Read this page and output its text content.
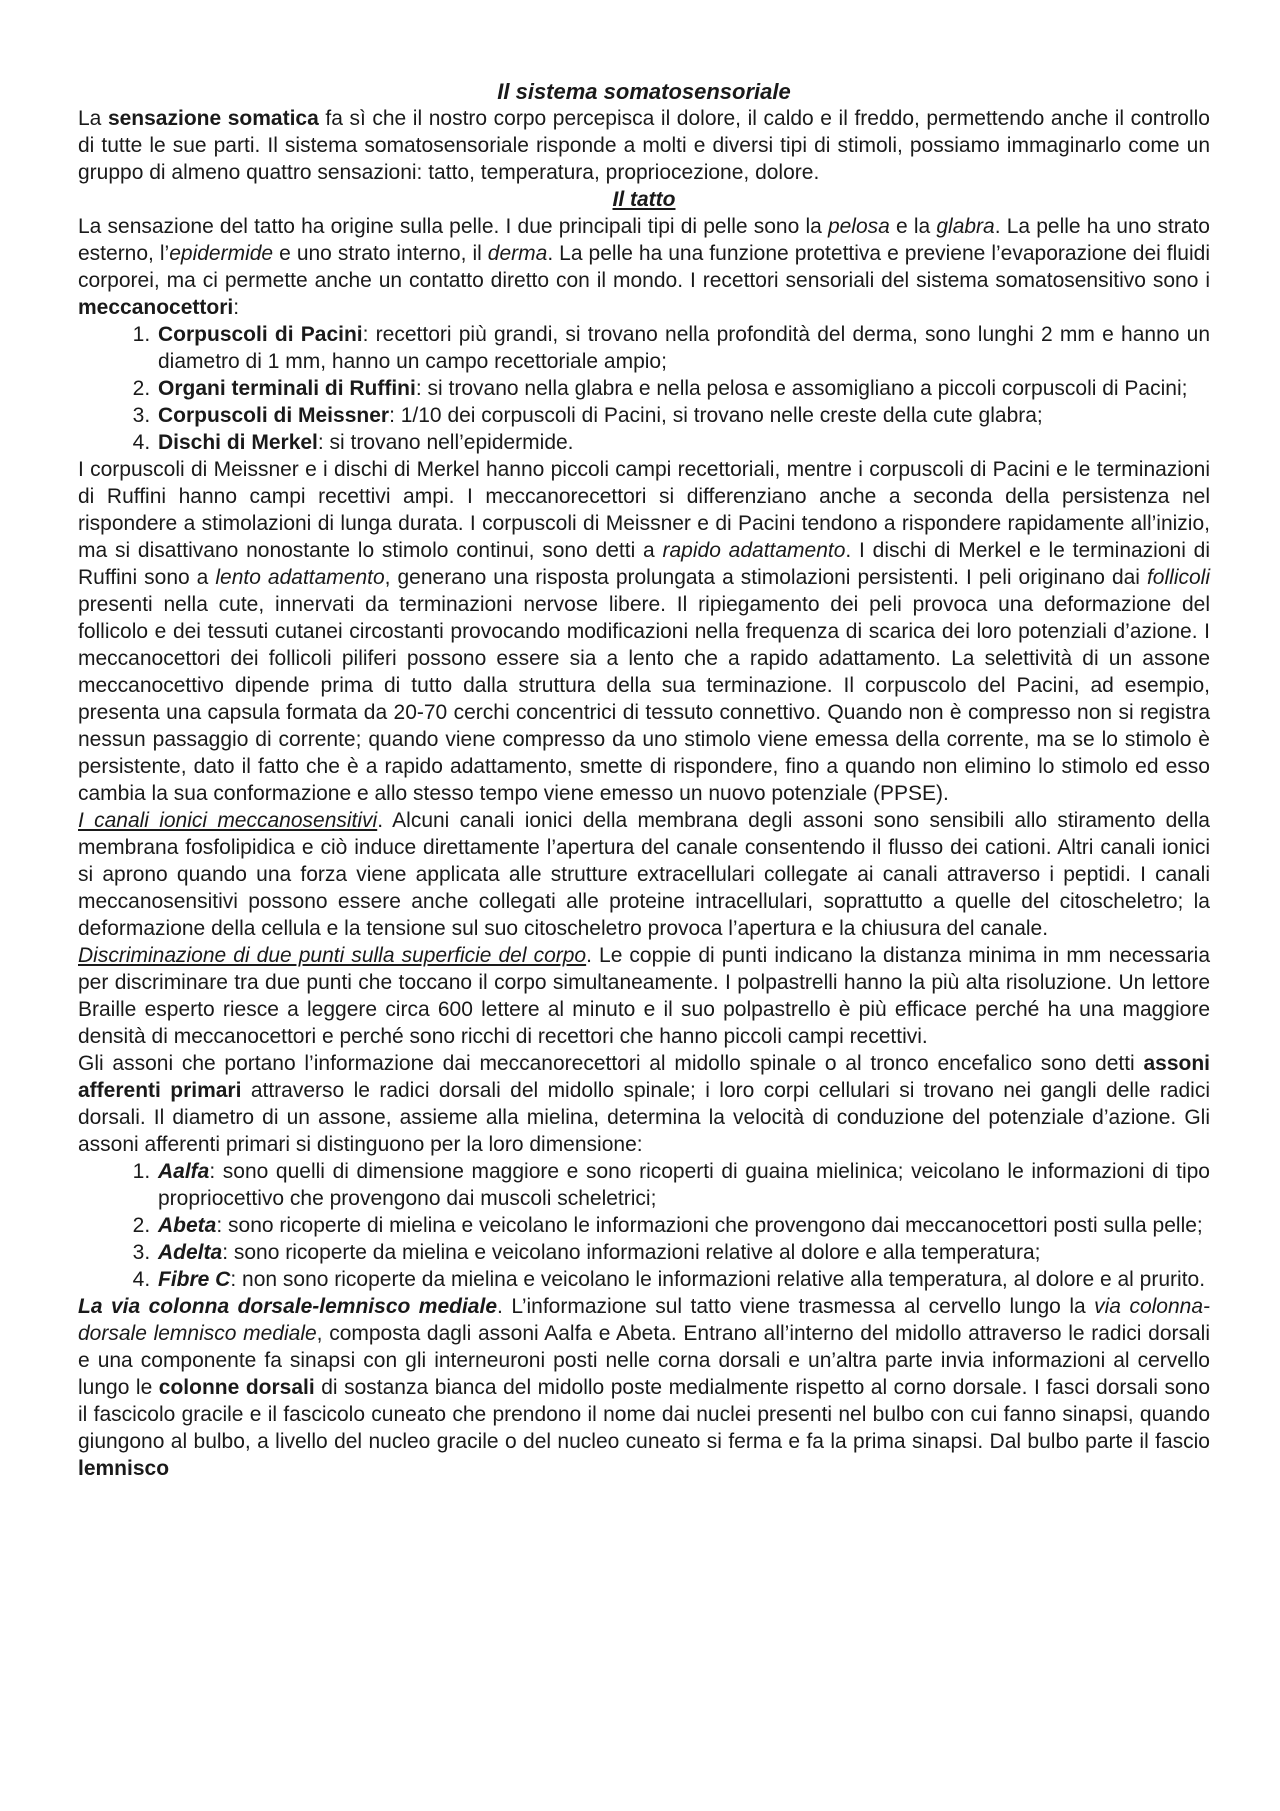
Il sistema somatosensoriale

La sensazione somatica fa sì che il nostro corpo percepisca il dolore, il caldo e il freddo, permettendo anche il controllo di tutte le sue parti. Il sistema somatosensoriale risponde a molti e diversi tipi di stimoli, possiamo immaginarlo come un gruppo di almeno quattro sensazioni: tatto, temperatura, propriocezione, dolore.

Il tatto

La sensazione del tatto ha origine sulla pelle. I due principali tipi di pelle sono la pelosa e la glabra. La pelle ha uno strato esterno, l’epidermide e uno strato interno, il derma. La pelle ha una funzione protettiva e previene l’evaporazione dei fluidi corporei, ma ci permette anche un contatto diretto con il mondo. I recettori sensoriali del sistema somatosensitivo sono i meccanocettori:

1. Corpuscoli di Pacini: recettori più grandi, si trovano nella profondità del derma, sono lunghi 2 mm e hanno un diametro di 1 mm, hanno un campo recettoriale ampio;
2. Organi terminali di Ruffini: si trovano nella glabra e nella pelosa e assomigliano a piccoli corpuscoli di Pacini;
3. Corpuscoli di Meissner: 1/10 dei corpuscoli di Pacini, si trovano nelle creste della cute glabra;
4. Dischi di Merkel: si trovano nell’epidermide.

I corpuscoli di Meissner e i dischi di Merkel hanno piccoli campi recettoriali, mentre i corpuscoli di Pacini e le terminazioni di Ruffini hanno campi recettivi ampi. I meccanorecettori si differenziano anche a seconda della persistenza nel rispondere a stimolazioni di lunga durata. I corpuscoli di Meissner e di Pacini tendono a rispondere rapidamente all’inizio, ma si disattivano nonostante lo stimolo continui, sono detti a rapido adattamento. I dischi di Merkel e le terminazioni di Ruffini sono a lento adattamento, generano una risposta prolungata a stimolazioni persistenti. I peli originano dai follicoli presenti nella cute, innervati da terminazioni nervose libere. Il ripiegamento dei peli provoca una deformazione del follicolo e dei tessuti cutanei circostanti provocando modificazioni nella frequenza di scarica dei loro potenziali d’azione. I meccanocettori dei follicoli piliferi possono essere sia a lento che a rapido adattamento. La selettività di un assone meccanocettivo dipende prima di tutto dalla struttura della sua terminazione. Il corpuscolo del Pacini, ad esempio, presenta una capsula formata da 20-70 cerchi concentrici di tessuto connettivo. Quando non è compresso non si registra nessun passaggio di corrente; quando viene compresso da uno stimolo viene emessa della corrente, ma se lo stimolo è persistente, dato il fatto che è a rapido adattamento, smette di rispondere, fino a quando non elimino lo stimolo ed esso cambia la sua conformazione e allo stesso tempo viene emesso un nuovo potenziale (PPSE).

I canali ionici meccanosensitivi. Alcuni canali ionici della membrana degli assoni sono sensibili allo stiramento della membrana fosfolipidica e ciò induce direttamente l’apertura del canale consentendo il flusso dei cationi. Altri canali ionici si aprono quando una forza viene applicata alle strutture extracellulari collegate ai canali attraverso i peptidi. I canali meccanosensitivi possono essere anche collegati alle proteine intracellulari, soprattutto a quelle del citoscheletro; la deformazione della cellula e la tensione sul suo citoscheletro provoca l’apertura e la chiusura del canale.

Discriminazione di due punti sulla superficie del corpo. Le coppie di punti indicano la distanza minima in mm necessaria per discriminare tra due punti che toccano il corpo simultaneamente. I polpastrelli hanno la più alta risoluzione. Un lettore Braille esperto riesce a leggere circa 600 lettere al minuto e il suo polpastrello è più efficace perché ha una maggiore densità di meccanocettori e perché sono ricchi di recettori che hanno piccoli campi recettivi.

Gli assoni che portano l’informazione dai meccanorecettori al midollo spinale o al tronco encefalico sono detti assoni afferenti primari attraverso le radici dorsali del midollo spinale; i loro corpi cellulari si trovano nei gangli delle radici dorsali. Il diametro di un assone, assieme alla mielina, determina la velocità di conduzione del potenziale d’azione. Gli assoni afferenti primari si distinguono per la loro dimensione:

1. Aalfa: sono quelli di dimensione maggiore e sono ricoperti di guaina mielinica; veicolano le informazioni di tipo propriocettivo che provengono dai muscoli scheletrici;
2. Abeta: sono ricoperte di mielina e veicolano le informazioni che provengono dai meccanocettori posti sulla pelle;
3. Adelta: sono ricoperte da mielina e veicolano informazioni relative al dolore e alla temperatura;
4. Fibre C: non sono ricoperte da mielina e veicolano le informazioni relative alla temperatura, al dolore e al prurito.

La via colonna dorsale-lemnisco mediale. L’informazione sul tatto viene trasmessa al cervello lungo la via colonna-dorsale lemnisco mediale, composta dagli assoni Aalfa e Abeta. Entrano all’interno del midollo attraverso le radici dorsali e una componente fa sinapsi con gli interneuroni posti nelle corna dorsali e un’altra parte invia informazioni al cervello lungo le colonne dorsali di sostanza bianca del midollo poste medialmente rispetto al corno dorsale. I fasci dorsali sono il fascicolo gracile e il fascicolo cuneato che prendono il nome dai nuclei presenti nel bulbo con cui fanno sinapsi, quando giungono al bulbo, a livello del nucleo gracile o del nucleo cuneato si ferma e fa la prima sinapsi. Dal bulbo parte il fascio lemnisco
